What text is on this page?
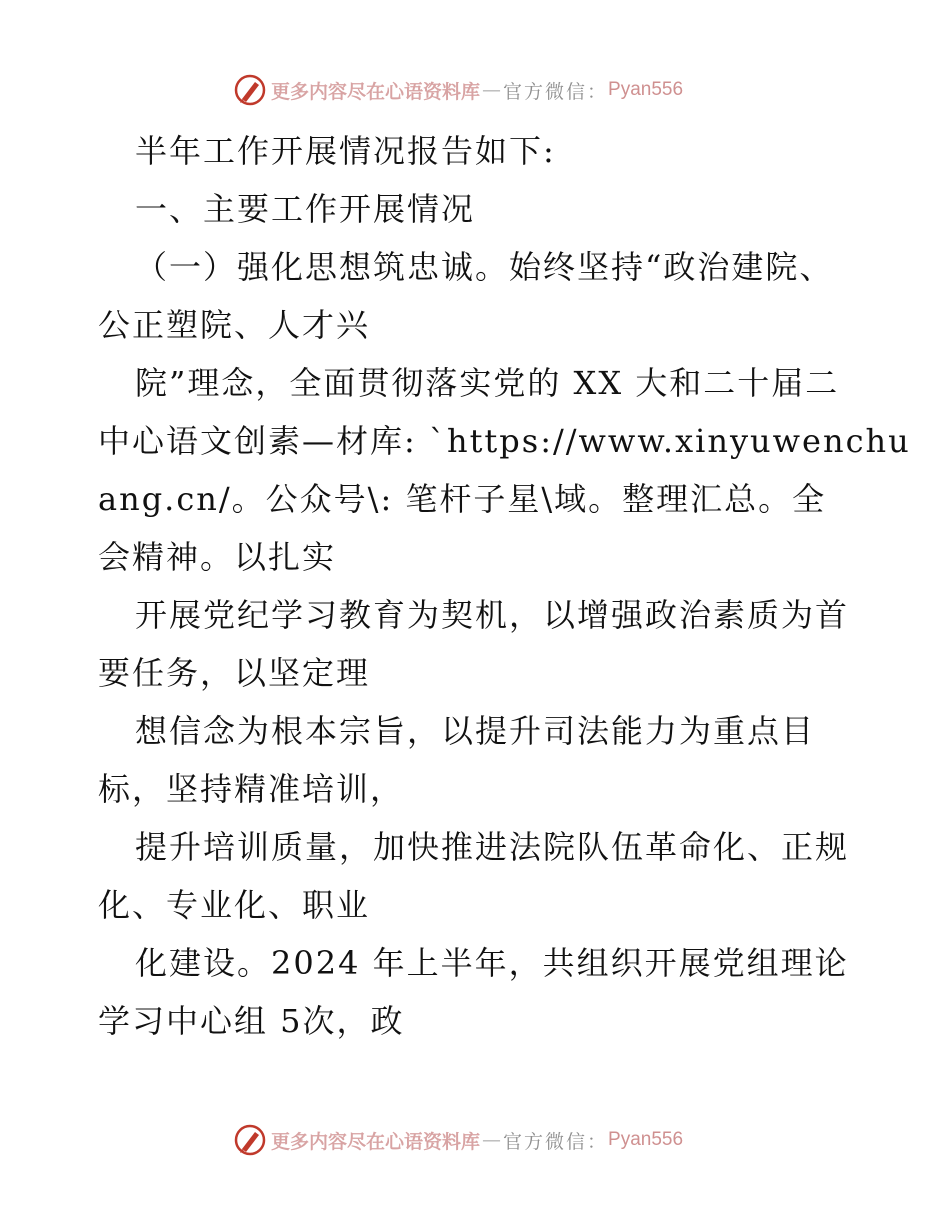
更多内容尽在心语资料库 — 官方微信： Pyan556
半年工作开展情况报告如下:
一、主要工作开展情况
（一）强化思想筑忠诚。始终坚持“政治建院、
公正塑院、人才兴
院”理念，全面贯彻落实党的 XX 大和二十届二
中心语文创素—材库: `https://www.xinyuwenchu
ang.cn/。公众号\: 笔杆子星\域。整理汇总。全
会精神。以扎实
开展党纪学习教育为契机，以增强政治素质为首
要任务，以坚定理
想信念为根本宗旨，以提升司法能力为重点目
标，坚持精准培训，
提升培训质量，加快推进法院队伍革命化、正规
化、专业化、职业
化建设。2024 年上半年，共组织开展党组理论
学习中心组 5次，政
更多内容尽在心语资料库 — 官方微信： Pyan556
